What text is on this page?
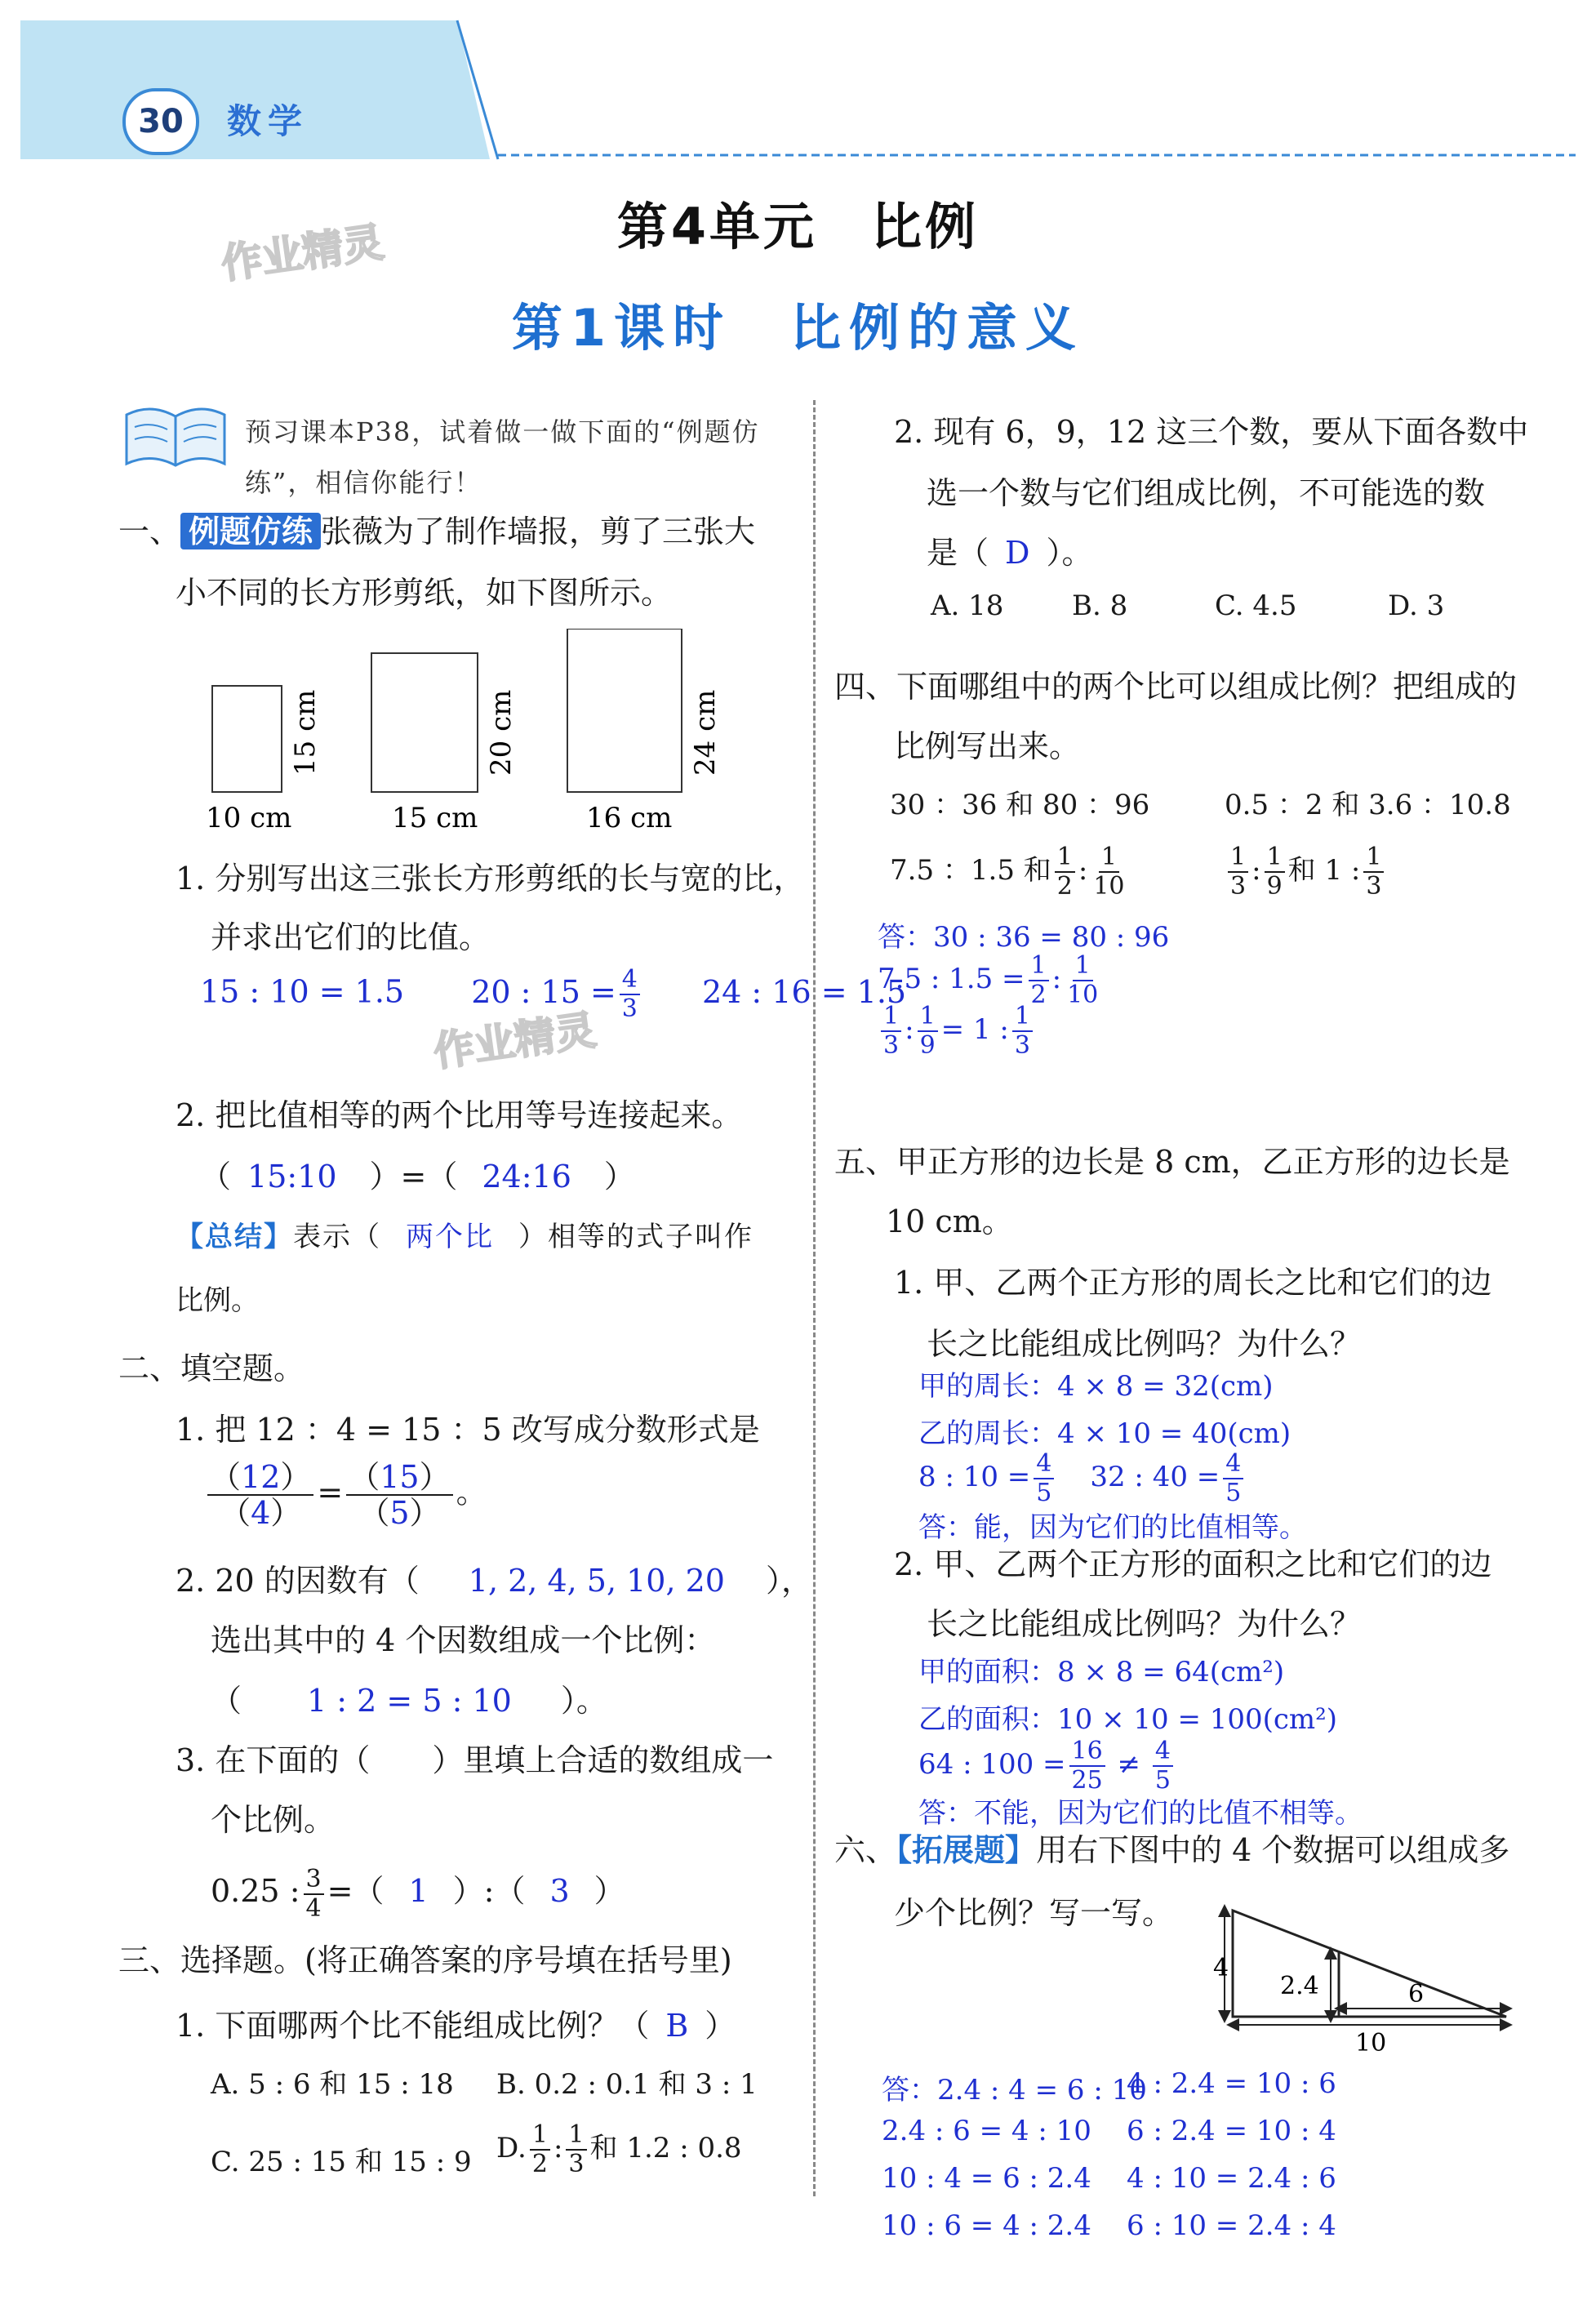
30	数学
作业精灵
作业精灵
第4单元　比例
第1课时　比例的意义
预习课本P38，试着做一做下面的“例题仿练”，相信你能行！
一、 例题仿练 张薇为了制作墙报，剪了三张大
小不同的长方形剪纸，如下图所示。
10 cm	15 cm	16 cm
15 cm	20 cm	24 cm
1. 分别写出这三张长方形剪纸的长与宽的比，
并求出它们的比值。
15 : 10 = 1.5 20 : $15 = \frac{4}{3} 24$ : 16 = 1.5
2. 把比值相等的两个比用等号连接起来。
（ 15:10 ）=（ 24:16 ）
【总结】表示（ 两个比 ）相等的式子叫作
比例。
二、填空题。
1. 把 12 ：4 = 15 ：5 改写成分数形式是
$\frac{(12)}{(4)} = \frac{(15)}{(5)}$ 。
2. 20 的因数有（ 1, 2, 4, 5, 10, 20 ），
选出其中的 4 个因数组成一个比例：
（ 1 : 2 = 5 : 10 ）。
3. 在下面的（　　）里填上合适的数组成一
个比例。
0.25 : $\frac{3}{4}$ =（ 1 ）:（ 3 ）
三、选择题。(将正确答案的序号填在括号里)
1. 下面哪两个比不能组成比例？（ B ）
A. 5 : 6 和 15 : 18 B. 0.2 : 0.1 和 3 : 1
C. 25 : 15 和 15 : 9 D. $\frac{1}{2}$ : $\frac{1}{3}$ 和 1.2 : 0.8
2. 现有 6，9，12 这三个数，要从下面各数中
选一个数与它们组成比例，不可能选的数
是（ D ）。
A. 18 B. 8	C. 4.5	D. 3
四、下面哪组中的两个比可以组成比例？把组成的
比例写出来。
30 ：36 和 80 ：96	0.5 ：2 和 3.6 ：10.8
7.5 ：1.5 和 $\frac{1}{2}$ : $\frac{1}{10}$	$\frac{1}{3}$ : $\frac{1}{9}$ 和 1 : $\frac{1}{3}$
答：30 : 36 = 80 : 96
7.5 : $1.5 = \frac{1}{2}$ : $\frac{1}{10}$
$\frac{1}{3}$ : $\frac{1}{9} = 1$ : $\frac{1}{3}$
五、甲正方形的边长是 8 cm，乙正方形的边长是
10 cm。
1. 甲、乙两个正方形的周长之比和它们的边
长之比能组成比例吗？为什么？
甲的周长：4 × 8 = 32(cm)
乙的周长：4 × 10 = 40(cm)
8 : $10 = \frac{4}{5} 32$ : $40 = \frac{4}{5}$
答：能，因为它们的比值相等。
2. 甲、乙两个正方形的面积之比和它们的边
长之比能组成比例吗？为什么？
甲的面积：8 × 8 = 64(cm²)
乙的面积：10 × 10 = 100(cm²)
64 : $100 = \frac{16}{25} \ne \frac{4}{5}$
答：不能，因为它们的比值不相等。
六、【拓展题】用右下图中的 4 个数据可以组成多
少个比例？写一写。
4
2.4	6
10
答：2.4 : 4 = 6 : 10
4 : 2.4 = 10 : 6
2.4 : 6 = 4 : 10 6 : 2.4 = 10 : 4
10 : 4 = 6 : 2.4 4 : 10 = 2.4 : 6
10 : 6 = 4 : 2.4 6 : 10 = 2.4 : 4
